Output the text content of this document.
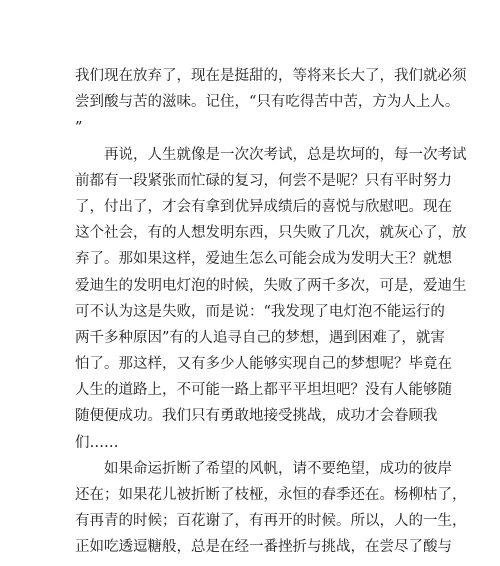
我们现在放弃了，现在是挺甜的，等将来长大了，我们就必须
尝到酸与苦的滋味。记住，“只有吃得苦中苦，方为人上人。
”
再说，人生就像是一次次考试，总是坎坷的，每一次考试
前都有一段紧张而忙碌的复习，何尝不是呢？只有平时努力
了，付出了，才会有拿到优异成绩后的喜悦与欣慰吧。现在
这个社会，有的人想发明东西，只失败了几次，就灰心了，放
弃了。那如果这样，爱迪生怎么可能会成为发明大王？就想
爱迪生的发明电灯泡的时候，失败了两千多次，可是，爱迪生
可不认为这是失败，而是说：“我发现了电灯泡不能运行的
两千多种原因”有的人追寻自己的梦想，遇到困难了，就害
怕了。那这样，又有多少人能够实现自己的梦想呢？毕竟在
人生的道路上，不可能一路上都平平坦坦吧？没有人能够随
随便便成功。我们只有勇敢地接受挑战，成功才会眷顾我
们……
如果命运折断了希望的风帆，请不要绝望，成功的彼岸
还在；如果花儿被折断了枝桠，永恒的春季还在。杨柳枯了，
有再青的时候；百花谢了，有再开的时候。所以，人的一生，
正如吃透逗糖般，总是在经一番挫折与挑战，在尝尽了酸与
